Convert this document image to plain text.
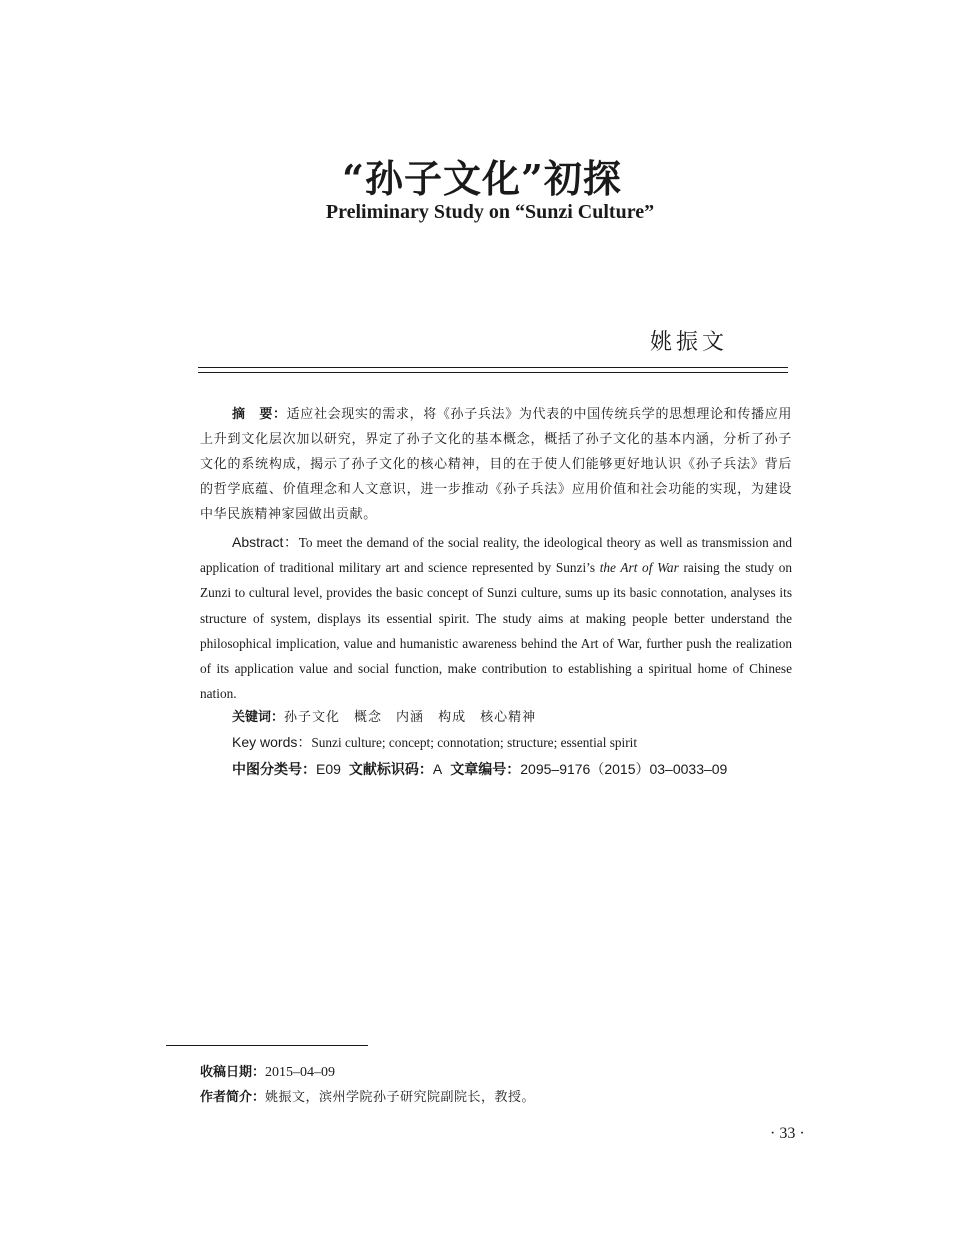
“孙子文化”初探
Preliminary Study on “Sunzi Culture”
姚振文
摘　要：适应社会现实的需求，将《孙子兵法》为代表的中国传统兵学的思想理论和传播应用上升到文化层次加以研究，界定了孙子文化的基本概念，概括了孙子文化的基本内涵，分析了孙子文化的系统构成，揭示了孙子文化的核心精神，目的在于使人们能够更好地认识《孙子兵法》背后的哲学底蕴、价值理念和人文意识，进一步推动《孙子兵法》应用价值和社会功能的实现，为建设中华民族精神家园做出贡献。
Abstract：To meet the demand of the social reality, the ideological theory as well as transmission and application of traditional military art and science represented by Sunzi’s the Art of War raising the study on Zunzi to cultural level, provides the basic concept of Sunzi culture, sums up its basic connotation, analyses its structure of system, displays its essential spirit. The study aims at making people better understand the philosophical implication, value and humanistic awareness behind the Art of War, further push the realization of its application value and social function, make contribution to establishing a spiritual home of Chinese nation.
关键词：孙子文化 概念 内涵 构成 核心精神
Key words：Sunzi culture; concept; connotation; structure; essential spirit
中图分类号：E09 文献标识码：A 文章编号：2095–9176（2015）03–0033–09
收稿日期：2015–04–09
作者简介：姚振文，滨州学院孙子研究院副院长，教授。
· 33 ·
